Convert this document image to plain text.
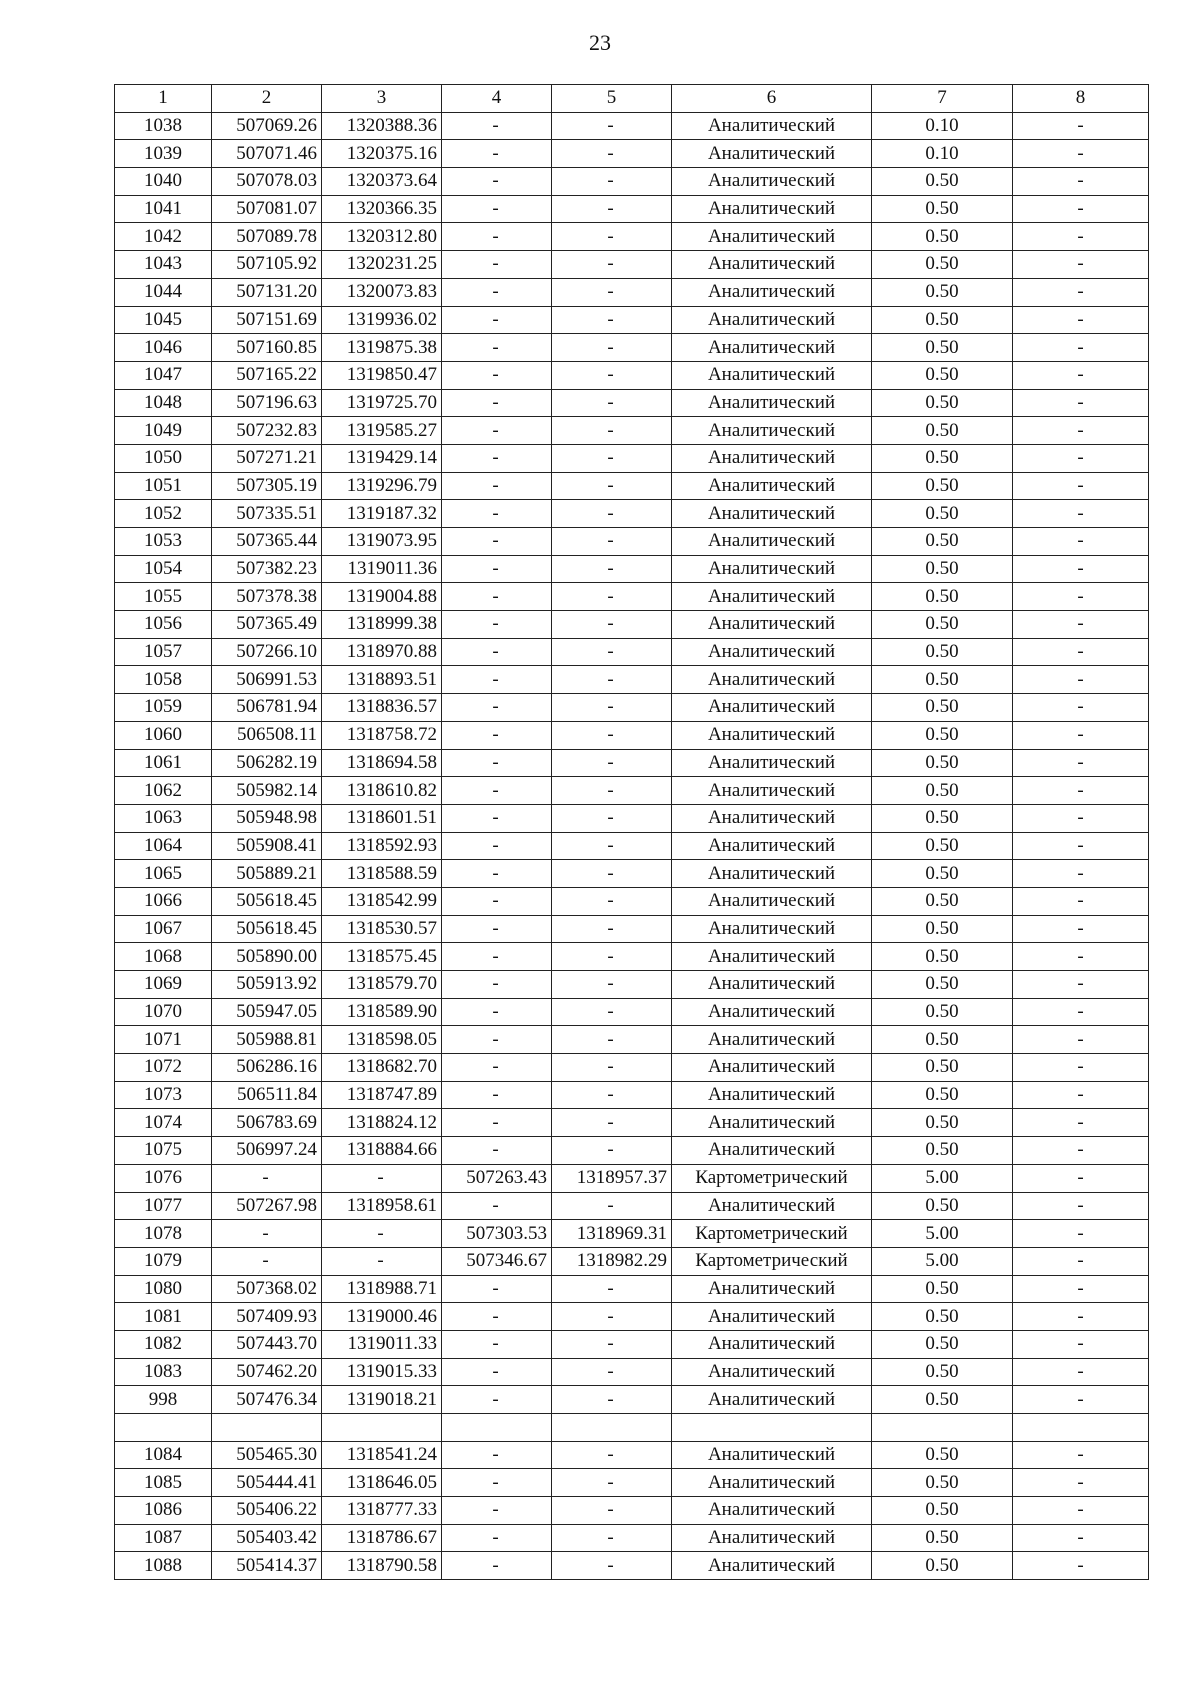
23
1	2	3	4	5	6	7	8
1038	507069.26	1320388.36	-	-	Аналитический	0.10	-
1039	507071.46	1320375.16	-	-	Аналитический	0.10	-
1040	507078.03	1320373.64	-	-	Аналитический	0.50	-
1041	507081.07	1320366.35	-	-	Аналитический	0.50	-
1042	507089.78	1320312.80	-	-	Аналитический	0.50	-
1043	507105.92	1320231.25	-	-	Аналитический	0.50	-
1044	507131.20	1320073.83	-	-	Аналитический	0.50	-
1045	507151.69	1319936.02	-	-	Аналитический	0.50	-
1046	507160.85	1319875.38	-	-	Аналитический	0.50	-
1047	507165.22	1319850.47	-	-	Аналитический	0.50	-
1048	507196.63	1319725.70	-	-	Аналитический	0.50	-
1049	507232.83	1319585.27	-	-	Аналитический	0.50	-
1050	507271.21	1319429.14	-	-	Аналитический	0.50	-
1051	507305.19	1319296.79	-	-	Аналитический	0.50	-
1052	507335.51	1319187.32	-	-	Аналитический	0.50	-
1053	507365.44	1319073.95	-	-	Аналитический	0.50	-
1054	507382.23	1319011.36	-	-	Аналитический	0.50	-
1055	507378.38	1319004.88	-	-	Аналитический	0.50	-
1056	507365.49	1318999.38	-	-	Аналитический	0.50	-
1057	507266.10	1318970.88	-	-	Аналитический	0.50	-
1058	506991.53	1318893.51	-	-	Аналитический	0.50	-
1059	506781.94	1318836.57	-	-	Аналитический	0.50	-
1060	506508.11	1318758.72	-	-	Аналитический	0.50	-
1061	506282.19	1318694.58	-	-	Аналитический	0.50	-
1062	505982.14	1318610.82	-	-	Аналитический	0.50	-
1063	505948.98	1318601.51	-	-	Аналитический	0.50	-
1064	505908.41	1318592.93	-	-	Аналитический	0.50	-
1065	505889.21	1318588.59	-	-	Аналитический	0.50	-
1066	505618.45	1318542.99	-	-	Аналитический	0.50	-
1067	505618.45	1318530.57	-	-	Аналитический	0.50	-
1068	505890.00	1318575.45	-	-	Аналитический	0.50	-
1069	505913.92	1318579.70	-	-	Аналитический	0.50	-
1070	505947.05	1318589.90	-	-	Аналитический	0.50	-
1071	505988.81	1318598.05	-	-	Аналитический	0.50	-
1072	506286.16	1318682.70	-	-	Аналитический	0.50	-
1073	506511.84	1318747.89	-	-	Аналитический	0.50	-
1074	506783.69	1318824.12	-	-	Аналитический	0.50	-
1075	506997.24	1318884.66	-	-	Аналитический	0.50	-
1076	-	-	507263.43	1318957.37	Картометрический	5.00	-
1077	507267.98	1318958.61	-	-	Аналитический	0.50	-
1078	-	-	507303.53	1318969.31	Картометрический	5.00	-
1079	-	-	507346.67	1318982.29	Картометрический	5.00	-
1080	507368.02	1318988.71	-	-	Аналитический	0.50	-
1081	507409.93	1319000.46	-	-	Аналитический	0.50	-
1082	507443.70	1319011.33	-	-	Аналитический	0.50	-
1083	507462.20	1319015.33	-	-	Аналитический	0.50	-
998	507476.34	1319018.21	-	-	Аналитический	0.50	-

1084	505465.30	1318541.24	-	-	Аналитический	0.50	-
1085	505444.41	1318646.05	-	-	Аналитический	0.50	-
1086	505406.22	1318777.33	-	-	Аналитический	0.50	-
1087	505403.42	1318786.67	-	-	Аналитический	0.50	-
1088	505414.37	1318790.58	-	-	Аналитический	0.50	-
